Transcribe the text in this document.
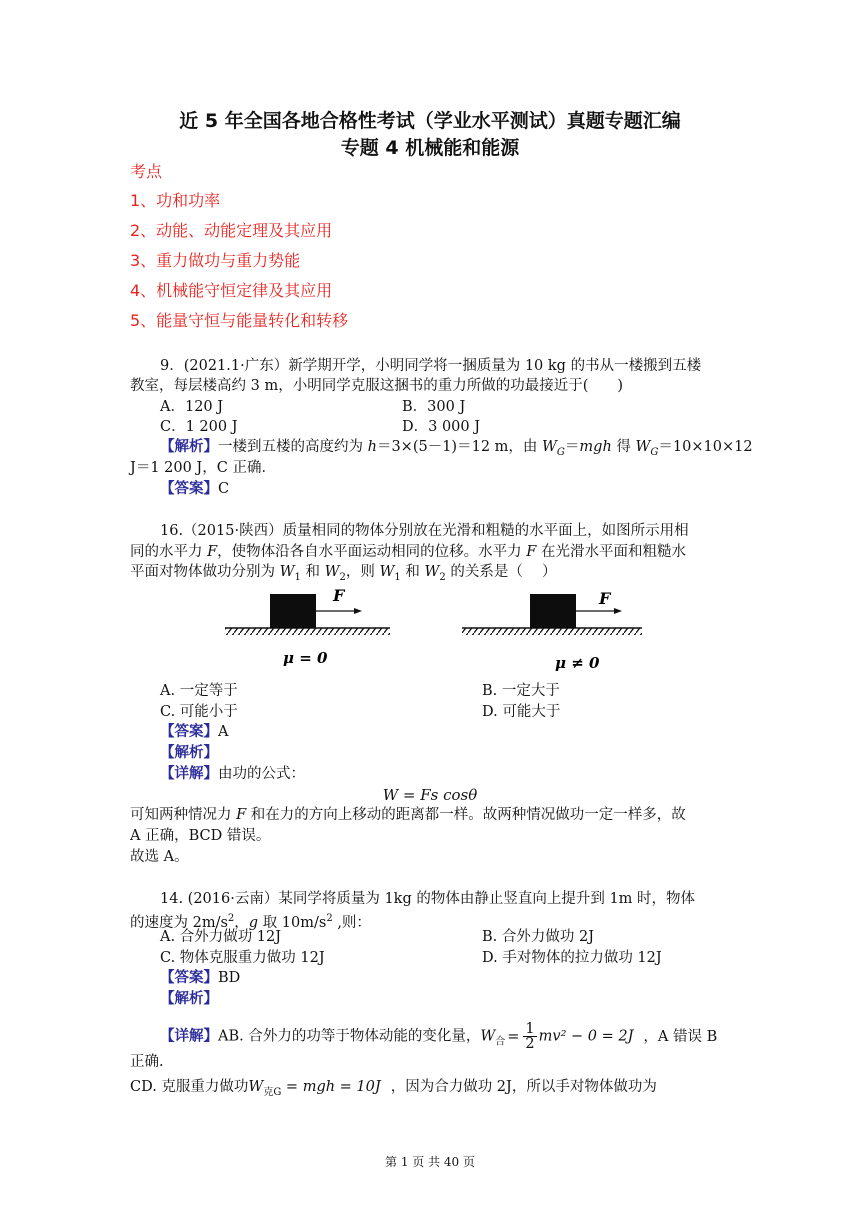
近 5 年全国各地合格性考试（学业水平测试）真题专题汇编
专题 4 机械能和能源
考点
1、功和功率
2、动能、动能定理及其应用
3、重力做功与重力势能
4、机械能守恒定律及其应用
5、能量守恒与能量转化和转移
9．(2021.1·广东）新学期开学，小明同学将一捆质量为 10 kg 的书从一楼搬到五楼
教室，每层楼高约 3 m，小明同学克服这捆书的重力所做的功最接近于(　　)
A．120 J	B．300 J
C．1 200 J	D．3 000 J
【解析】一楼到五楼的高度约为 h＝3×(5－1)＝12 m，由 $W_G=mgh$ 得 $W_G=10\times 10\times 12$
J＝1 200 J，C 正确．
【答案】C
16.（2015·陕西）质量相同的物体分别放在光滑和粗糙的水平面上，如图所示用相
同的水平力 F，使物体沿各自水平面运动相同的位移。水平力 F 在光滑水平面和粗糙水
平面对物体做功分别为 $W_1$ 和 $W_2$，则 $W_1$ 和 $W_2$ 的关系是（　 ）
F
μ = 0
F
μ ≠ 0
A. 一定等于	B. 一定大于
C. 可能小于	D. 可能大于
【答案】A
【解析】
【详解】由功的公式：
W = Fs cosθ
可知两种情况力 F 和在力的方向上移动的距离都一样。故两种情况做功一定一样多，故
A 正确，BCD 错误。
故选 A。
14. (2016·云南）某同学将质量为 1kg 的物体由静止竖直向上提升到 1m 时，物体
的速度为 $2m/s^2$，g 取 $10m/s^2$ ,则：
A. 合外力做功 12J	B. 合外力做功 2J
C. 物体克服重力做功 12J	D. 手对物体的拉力做功 12J
【答案】BD
【解析】
【详解】AB. 合外力的功等于物体动能的变化量，$W_合 = \frac{1}{2} mv^2 - 0 = 2J$ ，A 错误 B
正确.
CD. 克服重力做功$W_{克G}$ = mgh = 10J ，因为合力做功 2J，所以手对物体做功为
第 1 页 共 40 页
